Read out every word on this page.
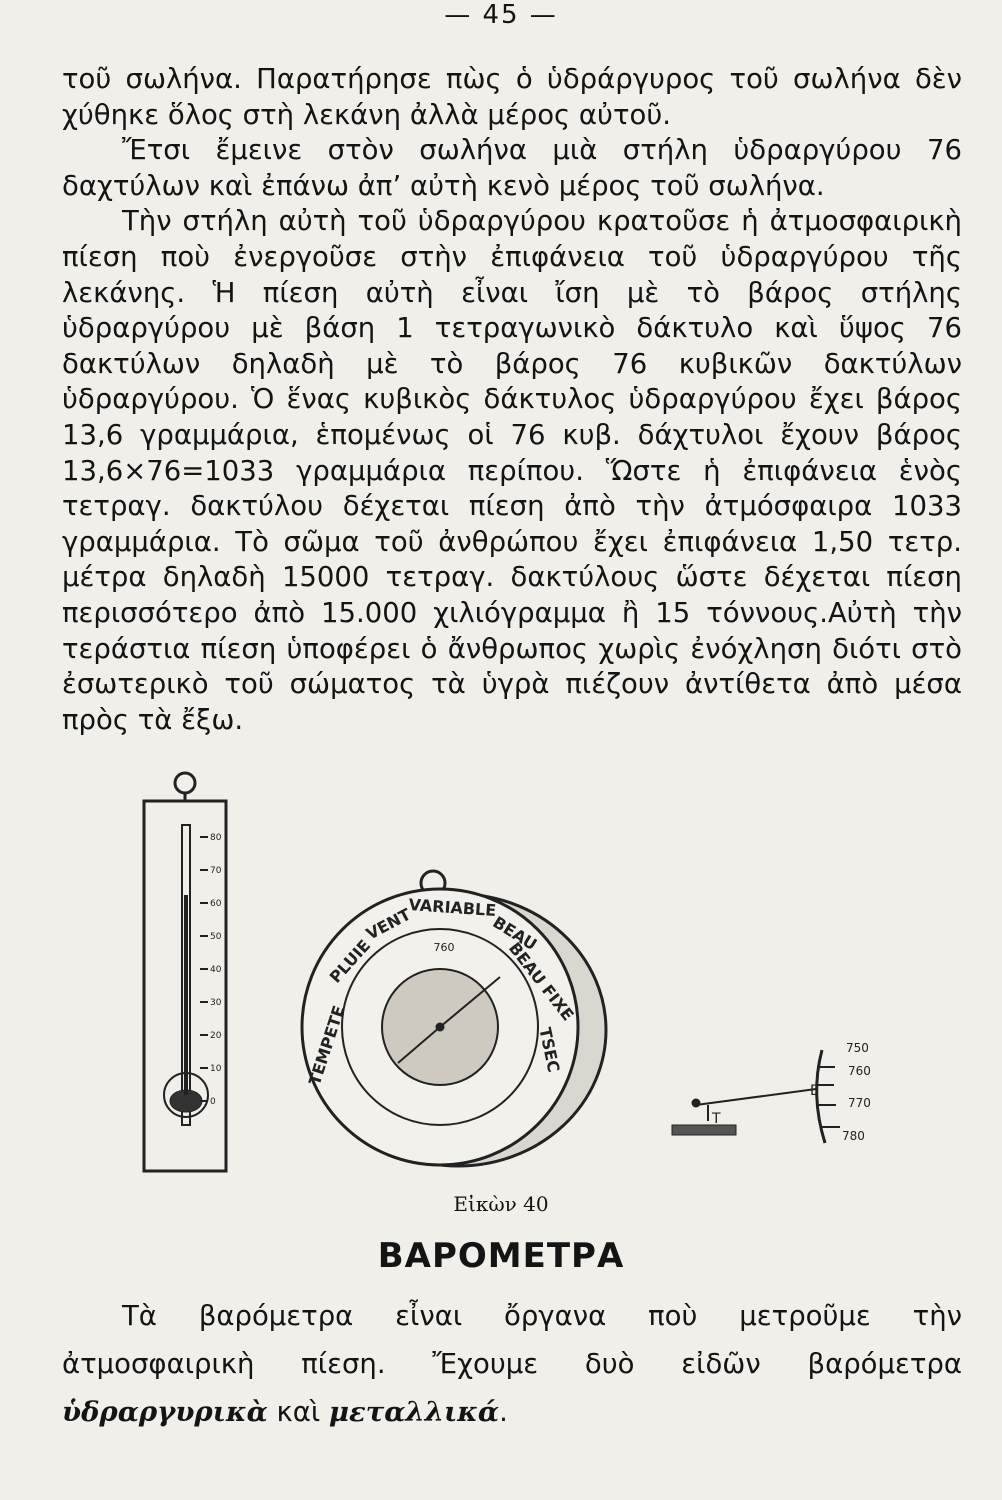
— 45 —

τοῦ σωλήνα. Παρατήρησε πὼς ὁ ὑδράργυρος τοῦ σωλήνα δὲν χύθηκε ὅλος στὴ λεκάνη ἀλλὰ μέρος αὐτοῦ.

Ἔτσι ἔμεινε στὸν σωλήνα μιὰ στήλη ὑδραργύρου 76 δαχτύλων καὶ ἐπάνω ἀπ’ αὐτὴ κενὸ μέρος τοῦ σωλήνα.

Τὴν στήλη αὐτὴ τοῦ ὑδραργύρου κρατοῦσε ἡ ἀτμοσφαιρικὴ πίεση ποὺ ἐνεργοῦσε στὴν ἐπιφάνεια τοῦ ὑδραργύρου τῆς λεκάνης. Ἡ πίεση αὐτὴ εἶναι ἴση μὲ τὸ βάρος στήλης ὑδραργύρου μὲ βάση 1 τετραγωνικὸ δάκτυλο καὶ ὕψος 76 δακτύλων δηλαδὴ μὲ τὸ βάρος 76 κυβικῶν δακτύλων ὑδραργύρου. Ὁ ἕνας κυβικὸς δάκτυλος ὑδραργύρου ἔχει βάρος 13,6 γραμμάρια, ἑπομένως οἱ 76 κυβ. δάχτυλοι ἔχουν βάρος 13,6×76=1033 γραμμάρια περίπου. Ὥστε ἡ ἐπιφάνεια ἑνὸς τετραγ. δακτύλου δέχεται πίεση ἀπὸ τὴν ἀτμόσφαιρα 1033 γραμμάρια. Τὸ σῶμα τοῦ ἀνθρώπου ἔχει ἐπιφάνεια 1,50 τετρ. μέτρα δηλαδὴ 15000 τετραγ. δακτύλους ὥστε δέχεται πίεση περισσότερο ἀπὸ 15.000 χιλιόγραμμα ἢ 15 τόννους.Αὐτὴ τὴν τεράστια πίεση ὑποφέρει ὁ ἄνθρωπος χωρὶς ἐνόχληση διότι στὸ ἐσωτερικὸ τοῦ σώματος τὰ ὑγρὰ πιέζουν ἀντίθετα ἀπὸ μέσα πρὸς τὰ ἔξω.

80
70
60
50
40
30
20
10
0
TEMPETE
PLUIE
VENT
VARIABLE
BEAU
BEAU FIXE
TSEC
760
750
760
770
780
E
T
Εἰκὼν 40
ΒΑΡΟΜΕΤΡΑ

Τὰ βαρόμετρα εἶναι ὄργανα ποὺ μετροῦμε τὴν ἀτμοσφαιρικὴ πίεση. Ἔχουμε δυὸ εἰδῶν βαρόμετρα ὑδραργυρικὰ καὶ μεταλλικά.
